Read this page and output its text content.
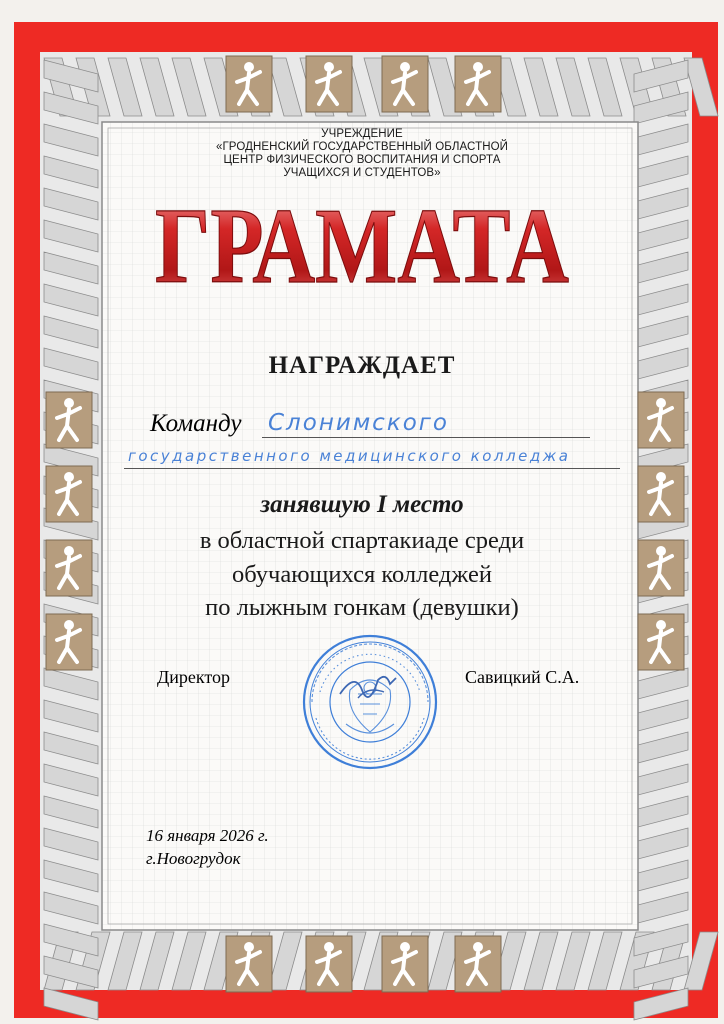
УЧРЕЖДЕНИЕ
«ГРОДНЕНСКИЙ ГОСУДАРСТВЕННЫЙ ОБЛАСТНОЙ
ЦЕНТР ФИЗИЧЕСКОГО ВОСПИТАНИЯ И СПОРТА
УЧАЩИХСЯ И СТУДЕНТОВ»
ГРАМАТА
НАГРАЖДАЕТ
Команду Слонимского
государственного медицинского колледжа
занявшую I место
в областной спартакиаде среди
обучающихся колледжей
по лыжным гонкам (девушки)
Директор	Савицкий С.А.
16 января 2026 г.
г.Новогрудок
